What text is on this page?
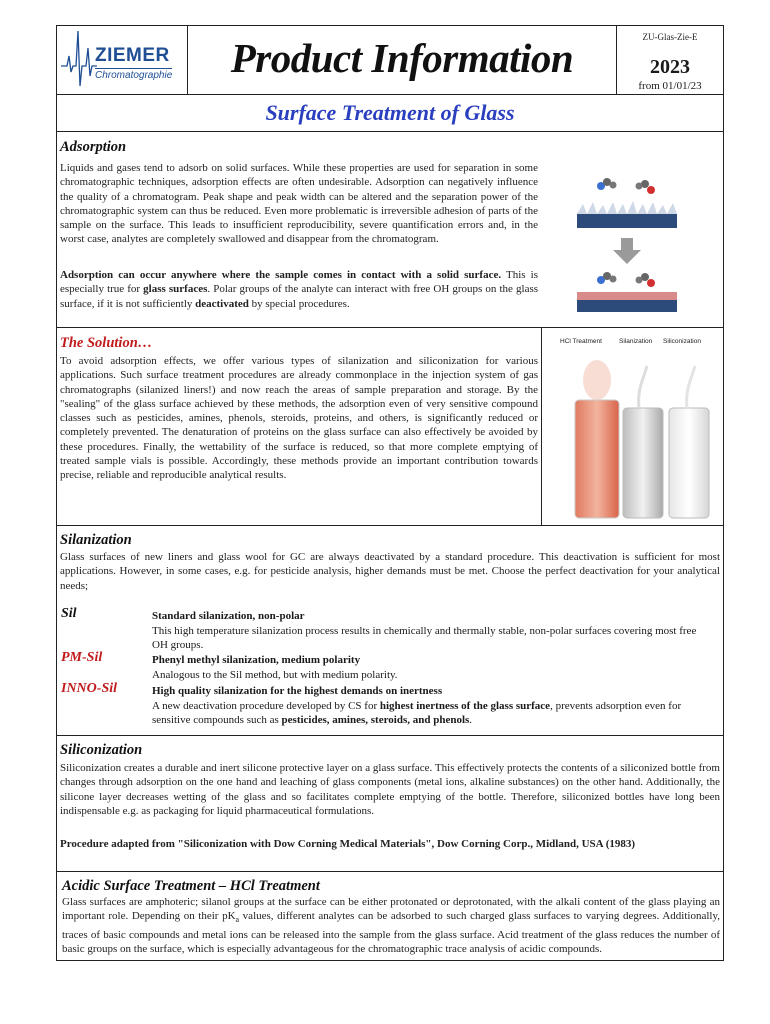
ZIEMER
Chromatographie	Product Information	ZU-Glas-Zie-E
2023
from 01/01/23
Surface Treatment of Glass
Adsorption
Liquids and gases tend to adsorb on solid surfaces. While these properties are used for separation in some chromatographic techniques, adsorption effects are often undesirable. Adsorption can negatively influence the quality of a chromatogram. Peak shape and peak width can be altered and the separation power of the chromatographic system can thus be reduced. Even more problematic is irreversible adhesion of parts of the sample on the surface. This leads to insufficient reproducibility, severe quantification errors and, in the worst case, analytes are completely swallowed and disappear from the chromatogram.
Adsorption can occur anywhere where the sample comes in contact with a solid surface. This is especially true for glass surfaces. Polar groups of the analyte can interact with free OH groups on the glass surface, if it is not sufficiently deactivated by special procedures.
The Solution…
To avoid adsorption effects, we offer various types of silanization and siliconization for various applications. Such surface treatment procedures are already commonplace in the injection system of gas chromatographs (silanized liners!) and now reach the areas of sample preparation and storage. By the "sealing" of the glass surface achieved by these methods, the adsorption even of very sensitive compound classes such as pesticides, amines, phenols, steroids, proteins, and others, is significantly reduced or completely prevented. The denaturation of proteins on the glass surface can also effectively be avoided by these procedures. Finally, the wettability of the surface is reduced, so that more complete emptying of treated sample vials is possible. Accordingly, these methods provide an important contribution towards precise, reliable and reproducible analytical results.
HCl Treatment	Silanization Siliconization
Silanization
Glass surfaces of new liners and glass wool for GC are always deactivated by a standard procedure. This deactivation is sufficient for most applications. However, in some cases, e.g. for pesticide analysis, higher demands must be met. Choose the perfect deactivation for your analytical needs;
Sil	Standard silanization, non-polar
This high temperature silanization process results in chemically and thermally stable, non-polar surfaces covering most free OH groups.
PM-Sil	Phenyl methyl silanization, medium polarity
Analogous to the Sil method, but with medium polarity.
INNO-Sil	High quality silanization for the highest demands on inertness
A new deactivation procedure developed by CS for highest inertness of the glass surface, prevents adsorption even for sensitive compounds such as pesticides, amines, steroids, and phenols.
Siliconization
Siliconization creates a durable and inert silicone protective layer on a glass surface. This effectively protects the contents of a siliconized bottle from changes through adsorption on the one hand and leaching of glass components (metal ions, alkaline substances) on the other hand. Additionally, the silicone layer decreases wetting of the glass and so facilitates complete emptying of the bottle. Therefore, siliconized bottles have long been indispensable e.g. as packaging for liquid pharmaceutical formulations.
Procedure adapted from "Siliconization with Dow Corning Medical Materials", Dow Corning Corp., Midland, USA (1983)
Acidic Surface Treatment – HCl Treatment
Glass surfaces are amphoteric; silanol groups at the surface can be either protonated or deprotonated, with the alkali content of the glass playing an important role. Depending on their $pK_a$ values, different analytes can be adsorbed to such charged glass surfaces to varying degrees. Additionally, traces of basic compounds and metal ions can be released into the sample from the glass surface. Acid treatment of the glass reduces the number of basic groups on the surface, which is especially advantageous for the chromatographic trace analysis of acidic compounds.
